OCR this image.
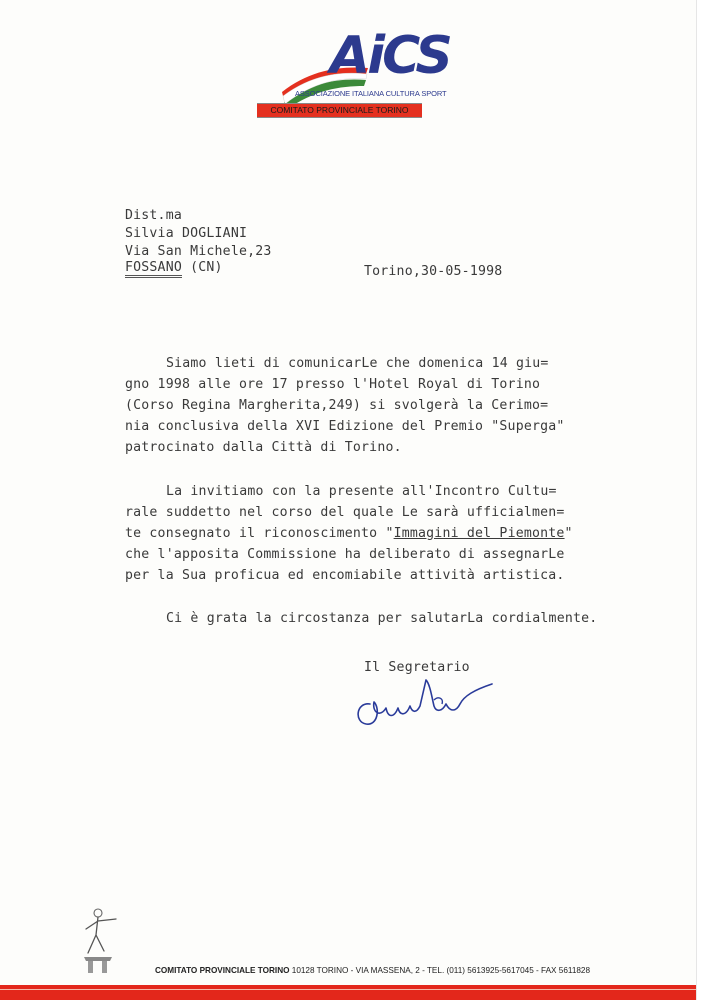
AiCS
ASSOCIAZIONE ITALIANA CULTURA SPORT
COMITATO PROVINCIALE TORINO
Dist.ma
Silvia DOGLIANI
Via San Michele,23
FOSSANO (CN)	Torino,30-05-1998
Siamo lieti di comunicarLe che domenica 14 giu=
gno 1998 alle ore 17 presso l'Hotel Royal di Torino
(Corso Regina Margherita,249) si svolgerà la Cerimo=
nia conclusiva della XVI Edizione del Premio "Superga"
patrocinato dalla Città di Torino.
La invitiamo con la presente all'Incontro Cultu=
rale suddetto nel corso del quale Le sarà ufficialmen=
te consegnato il riconoscimento "Immagini del Piemonte"
che l'apposita Commissione ha deliberato di assegnarLe
per la Sua proficua ed encomiabile attività artistica.
Ci è grata la circostanza per salutarLa cordialmente.
Il Segretario
COMITATO PROVINCIALE TORINO 10128 TORINO - VIA MASSENA, 2 - TEL. (011) 5613925-5617045 - FAX 5611828
